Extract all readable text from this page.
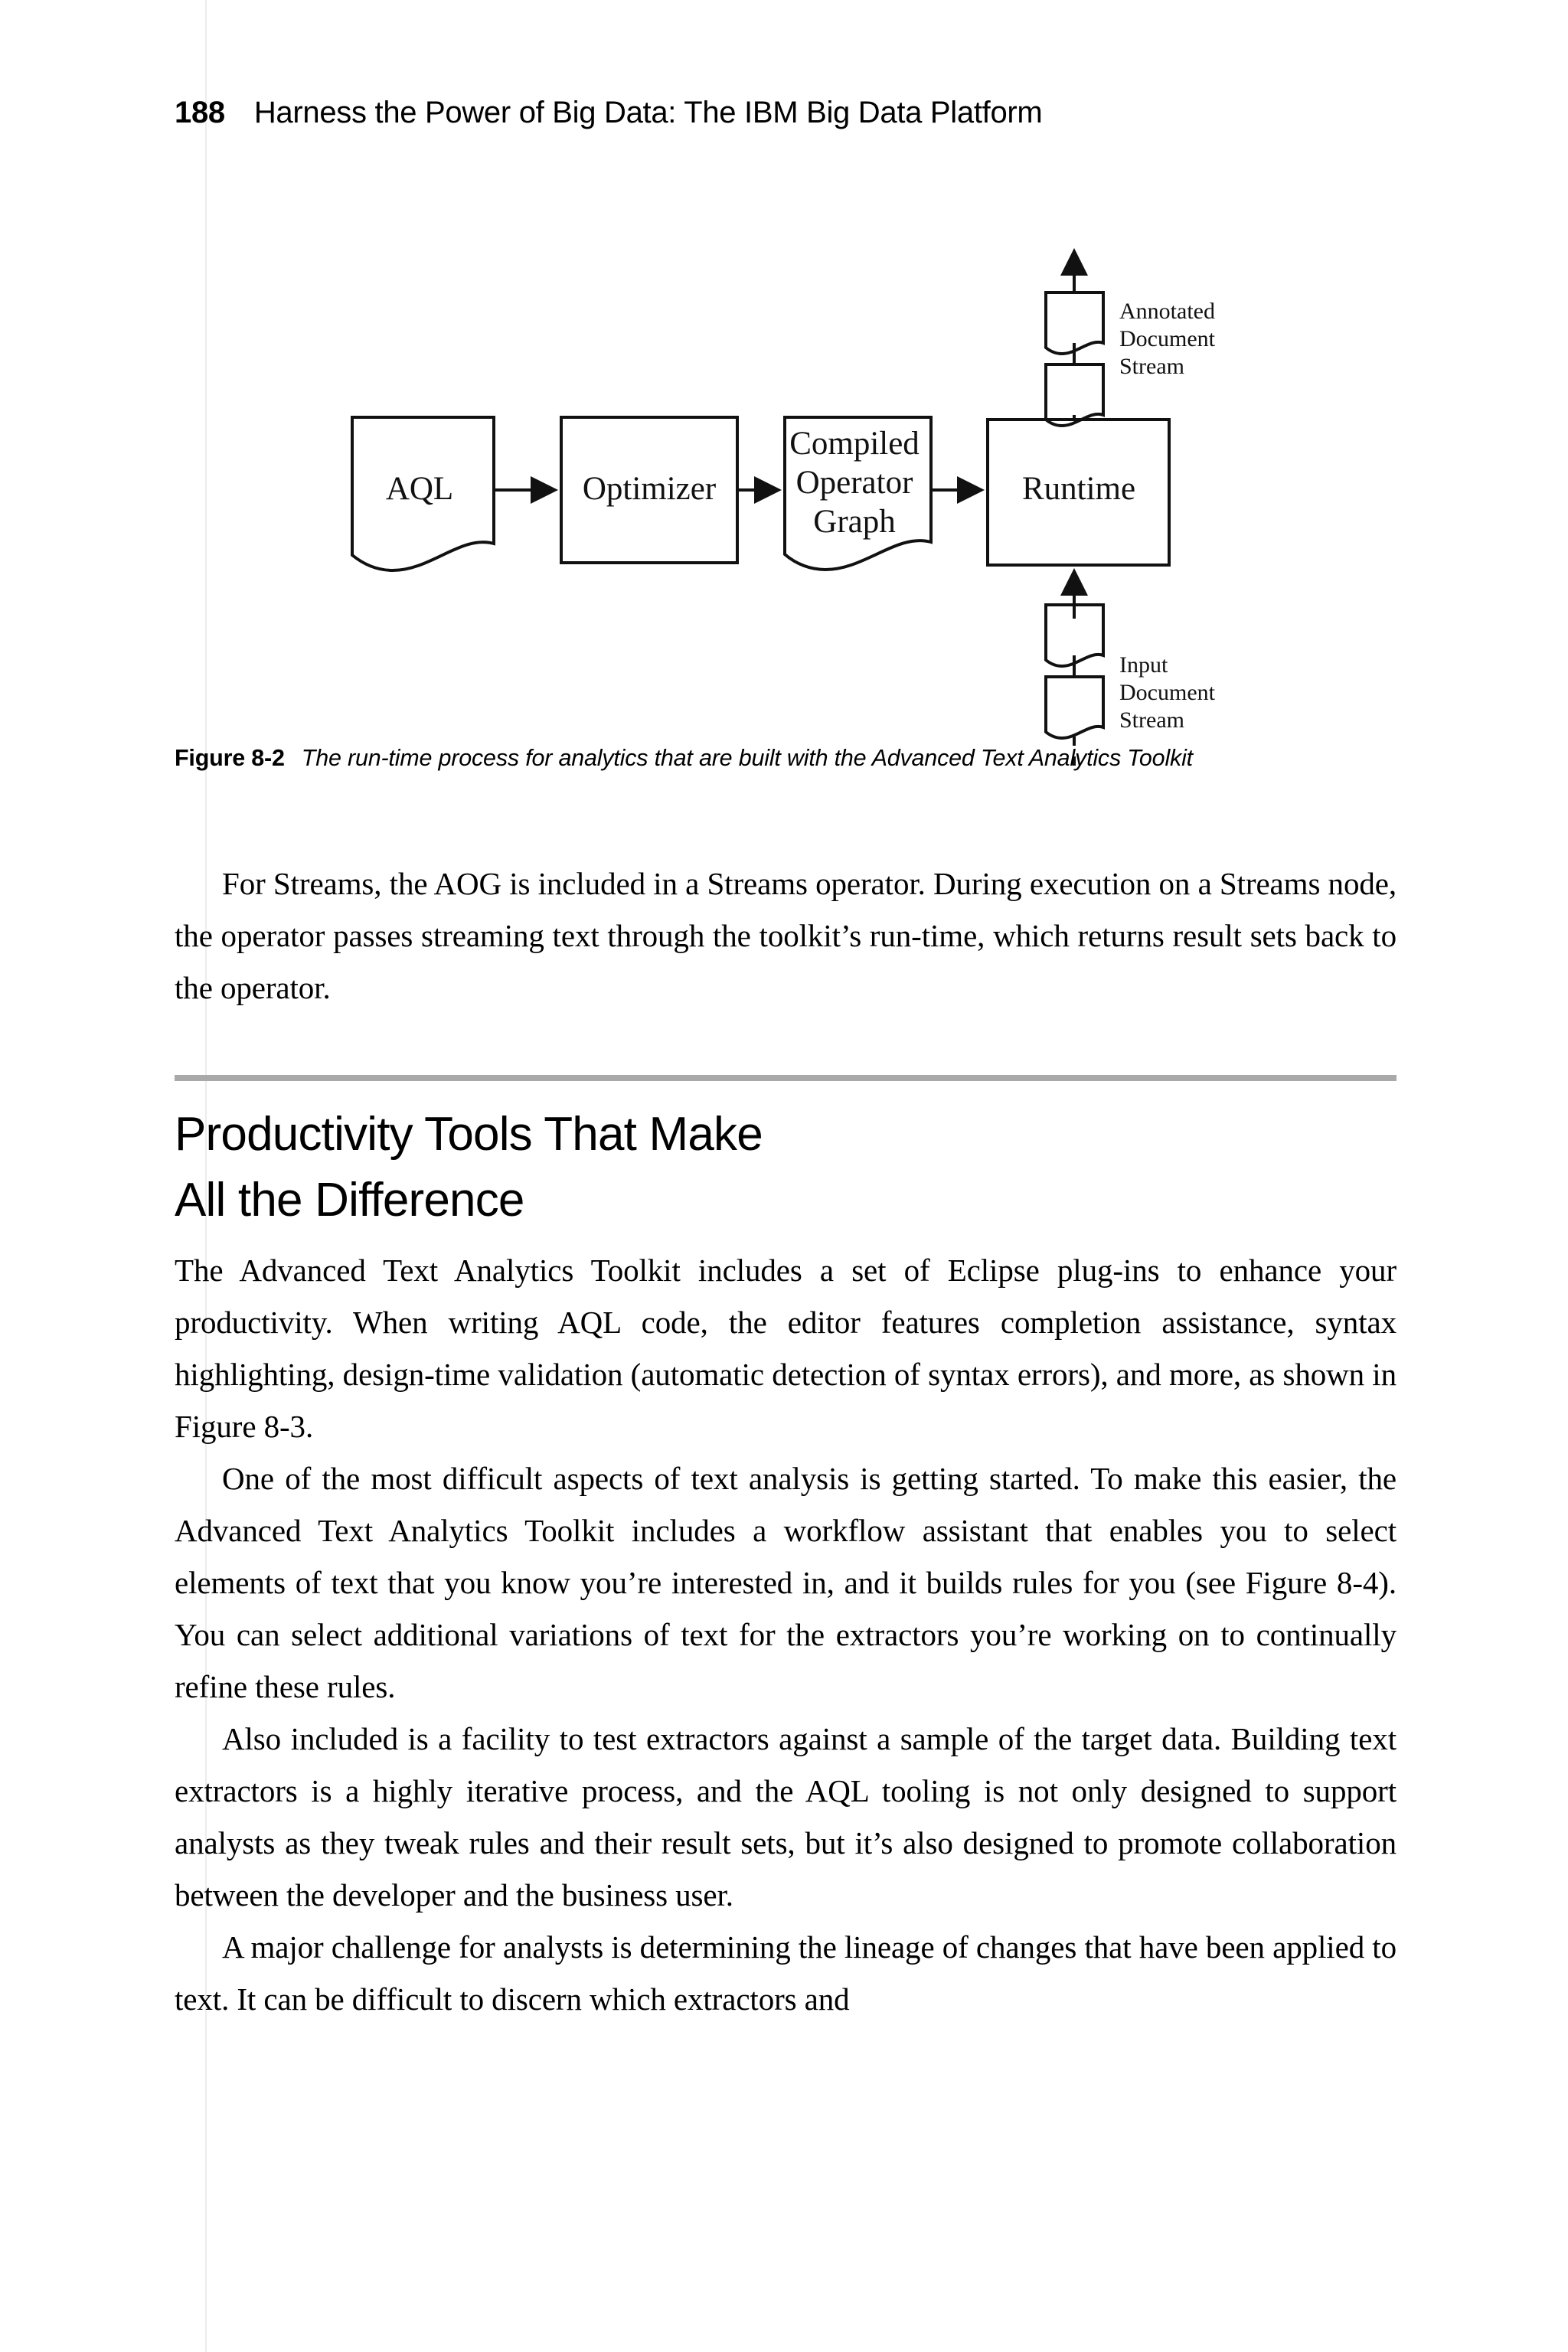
188 Harness the Power of Big Data: The IBM Big Data Platform
AQL	Optimizer
Compiled
Operator
Graph
Runtime
Annotated
Document
Stream
Input
Document
Stream
Figure 8-2 The run-time process for analytics that are built with the Advanced Text Analytics Toolkit

For Streams, the AOG is included in a Streams operator. During execution on a Streams node, the operator passes streaming text through the toolkit’s run-time, which returns result sets back to the operator.

Productivity Tools That Make
All the Difference

The Advanced Text Analytics Toolkit includes a set of Eclipse plug-ins to enhance your productivity. When writing AQL code, the editor features completion assistance, syntax highlighting, design-time validation (automatic detection of syntax errors), and more, as shown in Figure 8-3.

One of the most difficult aspects of text analysis is getting started. To make this easier, the Advanced Text Analytics Toolkit includes a workflow assistant that enables you to select elements of text that you know you’re interested in, and it builds rules for you (see Figure 8-4). You can select additional variations of text for the extractors you’re working on to continually refine these rules.

Also included is a facility to test extractors against a sample of the target data. Building text extractors is a highly iterative process, and the AQL tooling is not only designed to support analysts as they tweak rules and their result sets, but it’s also designed to promote collaboration between the developer and the business user.

A major challenge for analysts is determining the lineage of changes that have been applied to text. It can be difficult to discern which extractors and
